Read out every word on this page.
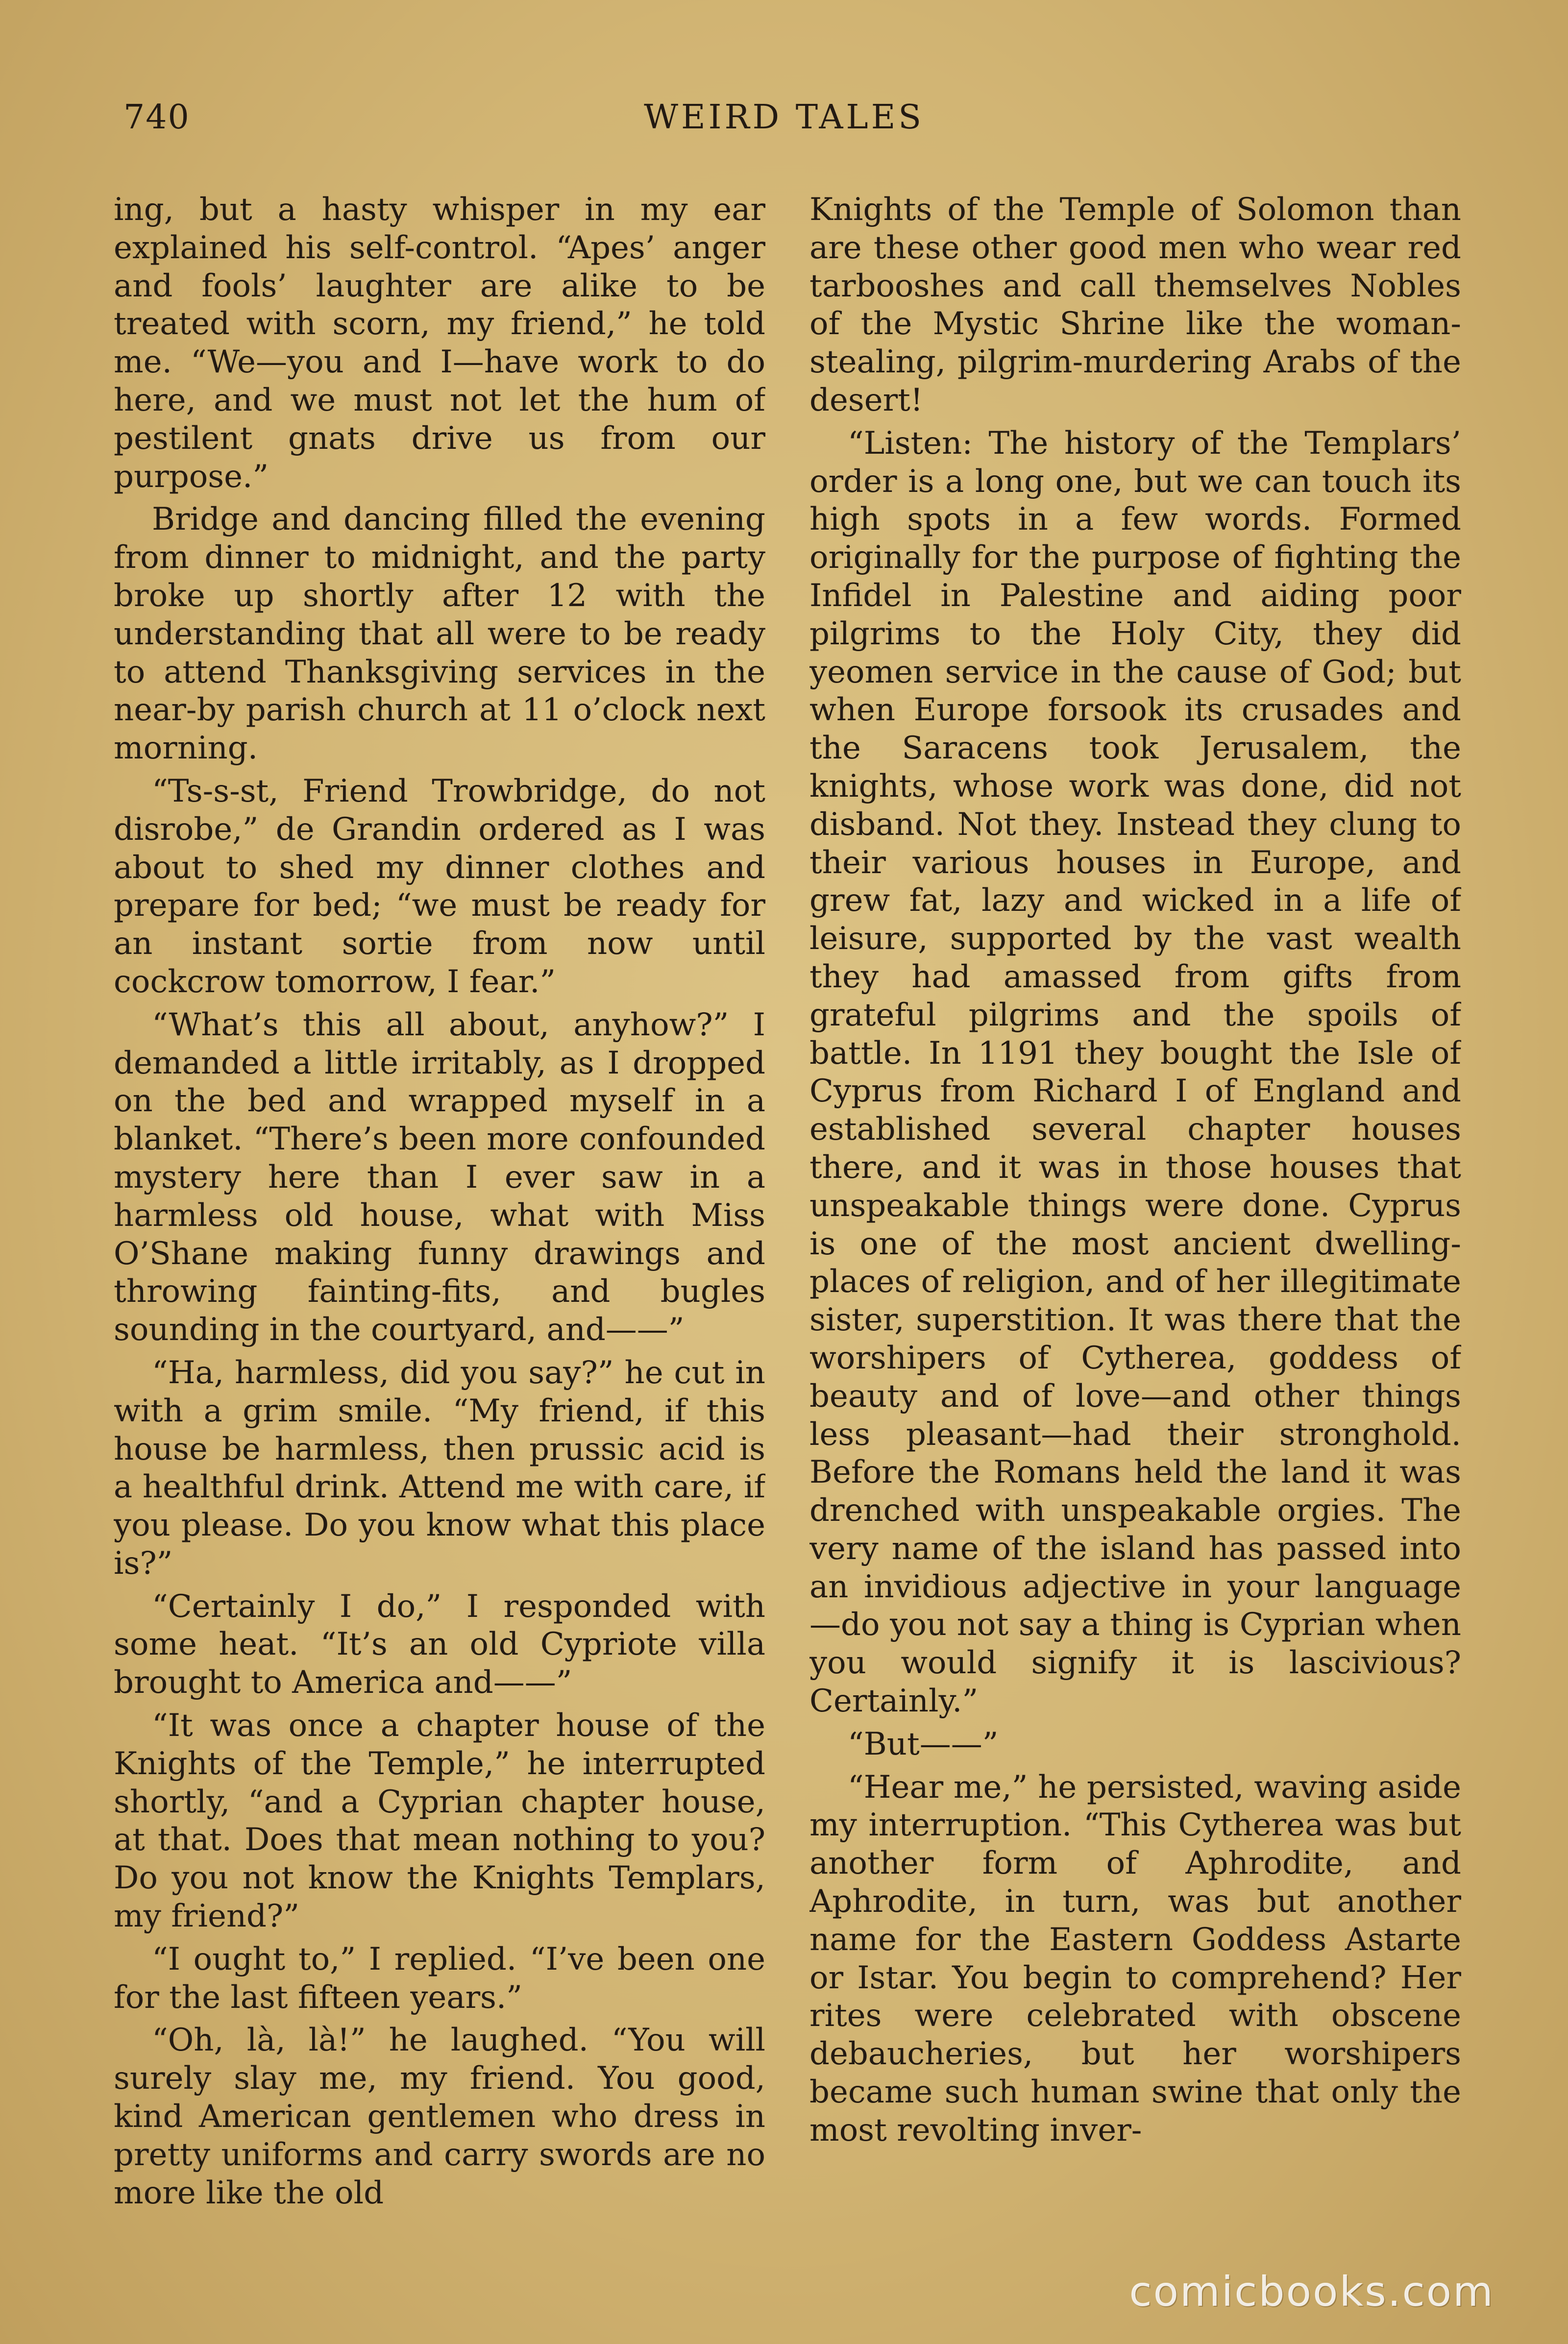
740	WEIRD TALES

ing, but a hasty whisper in my ear explained his self-control. “Apes’ anger and fools’ laughter are alike to be treated with scorn, my friend,” he told me. “We—you and I—have work to do here, and we must not let the hum of pestilent gnats drive us from our purpose.”

Bridge and dancing filled the evening from dinner to midnight, and the party broke up shortly after 12 with the understanding that all were to be ready to attend Thanksgiving services in the near-by parish church at 11 o’clock next morning.

“Ts-s-st, Friend Trowbridge, do not disrobe,” de Grandin ordered as I was about to shed my dinner clothes and prepare for bed; “we must be ready for an instant sortie from now until cockcrow tomorrow, I fear.”

“What’s this all about, anyhow?” I demanded a little irritably, as I dropped on the bed and wrapped myself in a blanket. “There’s been more confounded mystery here than I ever saw in a harmless old house, what with Miss O’Shane making funny drawings and throwing fainting-fits, and bugles sounding in the courtyard, and——”

“Ha, harmless, did you say?” he cut in with a grim smile. “My friend, if this house be harmless, then prussic acid is a healthful drink. Attend me with care, if you please. Do you know what this place is?”

“Certainly I do,” I responded with some heat. “It’s an old Cypriote villa brought to America and——”

“It was once a chapter house of the Knights of the Temple,” he interrupted shortly, “and a Cyprian chapter house, at that. Does that mean nothing to you? Do you not know the Knights Templars, my friend?”

“I ought to,” I replied. “I’ve been one for the last fifteen years.”

“Oh, là, là!” he laughed. “You will surely slay me, my friend. You good, kind American gentlemen who dress in pretty uniforms and carry swords are no more like the old

Knights of the Temple of Solomon than are these other good men who wear red tarbooshes and call themselves Nobles of the Mystic Shrine like the woman-stealing, pilgrim-murdering Arabs of the desert!

“Listen: The history of the Templars’ order is a long one, but we can touch its high spots in a few words. Formed originally for the purpose of fighting the Infidel in Palestine and aiding poor pilgrims to the Holy City, they did yeomen service in the cause of God; but when Europe forsook its crusades and the Saracens took Jerusalem, the knights, whose work was done, did not disband. Not they. Instead they clung to their various houses in Europe, and grew fat, lazy and wicked in a life of leisure, supported by the vast wealth they had amassed from gifts from grateful pilgrims and the spoils of battle. In 1191 they bought the Isle of Cyprus from Richard I of England and established several chapter houses there, and it was in those houses that unspeakable things were done. Cyprus is one of the most ancient dwelling-places of religion, and of her illegitimate sister, superstition. It was there that the worshipers of Cytherea, goddess of beauty and of love—and other things less pleasant—had their stronghold. Before the Romans held the land it was drenched with unspeakable orgies. The very name of the island has passed into an invidious adjective in your language—do you not say a thing is Cyprian when you would signify it is lascivious? Certainly.”

“But——”

“Hear me,” he persisted, waving aside my interruption. “This Cytherea was but another form of Aphrodite, and Aphrodite, in turn, was but another name for the Eastern Goddess Astarte or Istar. You begin to comprehend? Her rites were celebrated with obscene debaucheries, but her worshipers became such human swine that only the most revolting inver-

comicbooks.com
